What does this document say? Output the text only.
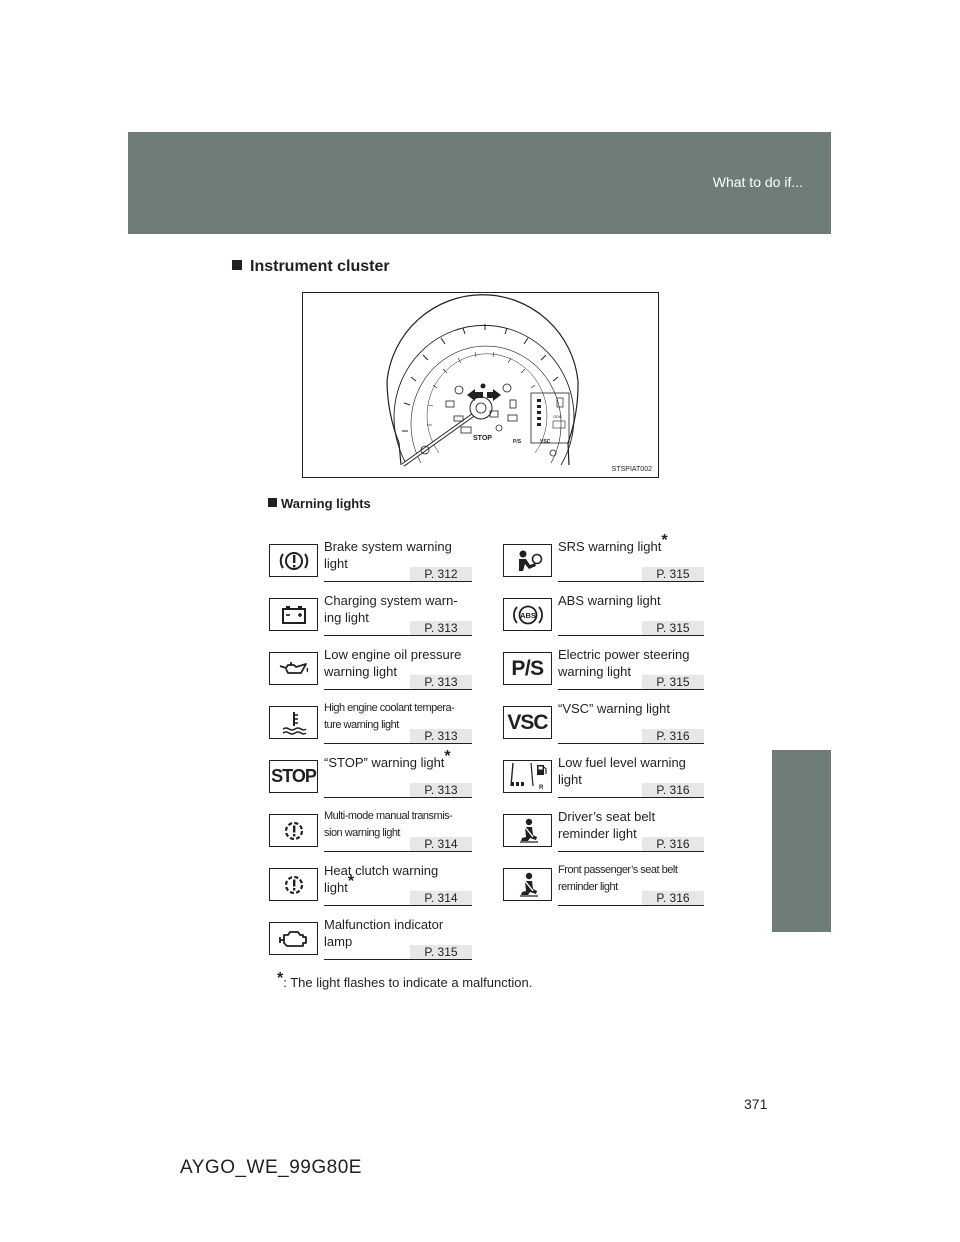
What to do if...
Instrument cluster
STOP	P/S	VSC
ODO
STSPIAT002
Warning lights
Brake system warning
light
P. 312
Charging system warn-
ing light
P. 313
Low engine oil pressure
warning light
P. 313
High engine coolant tempera-
ture warning light
P. 313
STOP
“STOP” warning light*
P. 313
Multi-mode manual transmis-
sion warning light
P. 314
Heat clutch warning
light*
P. 314
Malfunction indicator
lamp
P. 315
SRS warning light*
P. 315
ABS
ABS warning light
P. 315
P/S
Electric power steering
warning light
P. 315
VSC
“VSC” warning light
P. 316
R
Low fuel level warning
light
P. 316
Driver’s seat belt
reminder light
P. 316
Front passenger’s seat belt
reminder light
P. 316
*: The light flashes to indicate a malfunction.
371
AYGO_WE_99G80E
